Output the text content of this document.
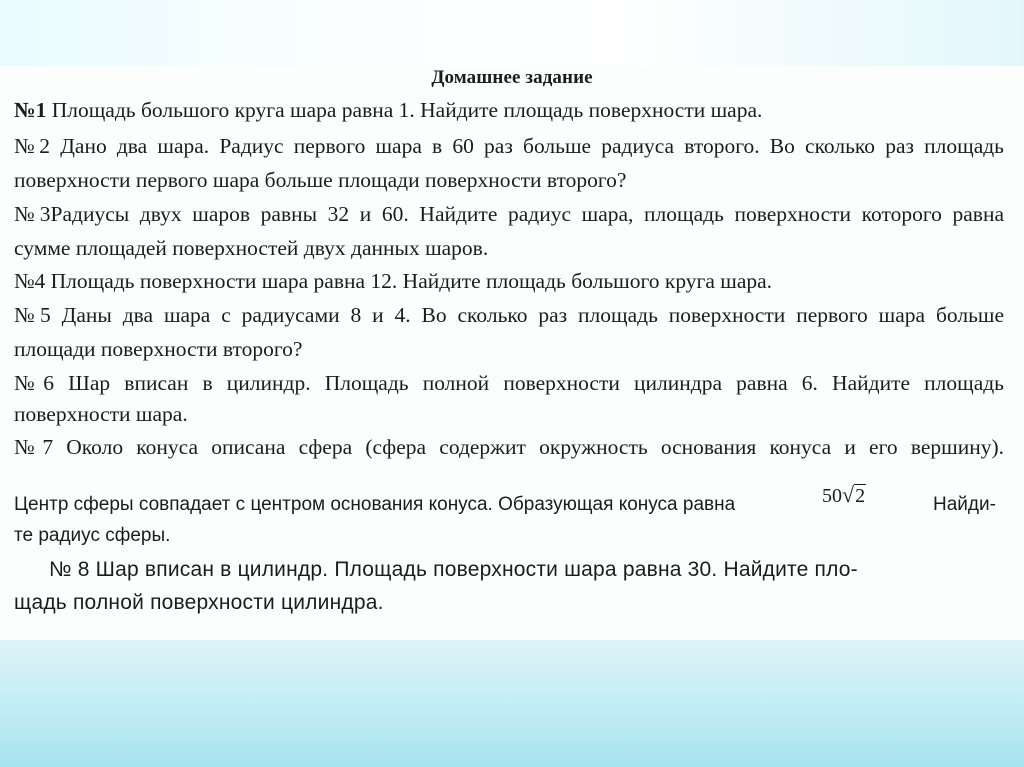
Домашнее задание
№1 Площадь большого круга шара равна 1. Найдите площадь поверхности шара.
№2 Дано два шара. Радиус первого шара в 60 раз больше радиуса второго. Во сколько раз площадь
поверхности первого шара больше площади поверхности второго?
№3Радиусы двух шаров равны 32 и 60. Найдите радиус шара, площадь поверхности которого равна
сумме площадей поверхностей двух данных шаров.
№4 Площадь поверхности шара равна 12. Найдите площадь большого круга шара.
№5 Даны два шара с радиусами 8 и 4. Во сколько раз площадь поверхности первого шара больше
площади поверхности второго?
№6 Шар вписан в цилиндр. Площадь полной поверхности цилиндра равна 6. Найдите площадь
поверхности шара.
№7 Около конуса описана сфера (сфера содержит окружность основания конуса и его вершину).
Центр сферы совпадает с центром основания конуса. Образующая конуса равна	50√2	Найди-
те радиус сферы.
№ 8 Шар вписан в цилиндр. Площадь поверхности шара равна 30. Найдите пло-
щадь полной поверхности цилиндра.
